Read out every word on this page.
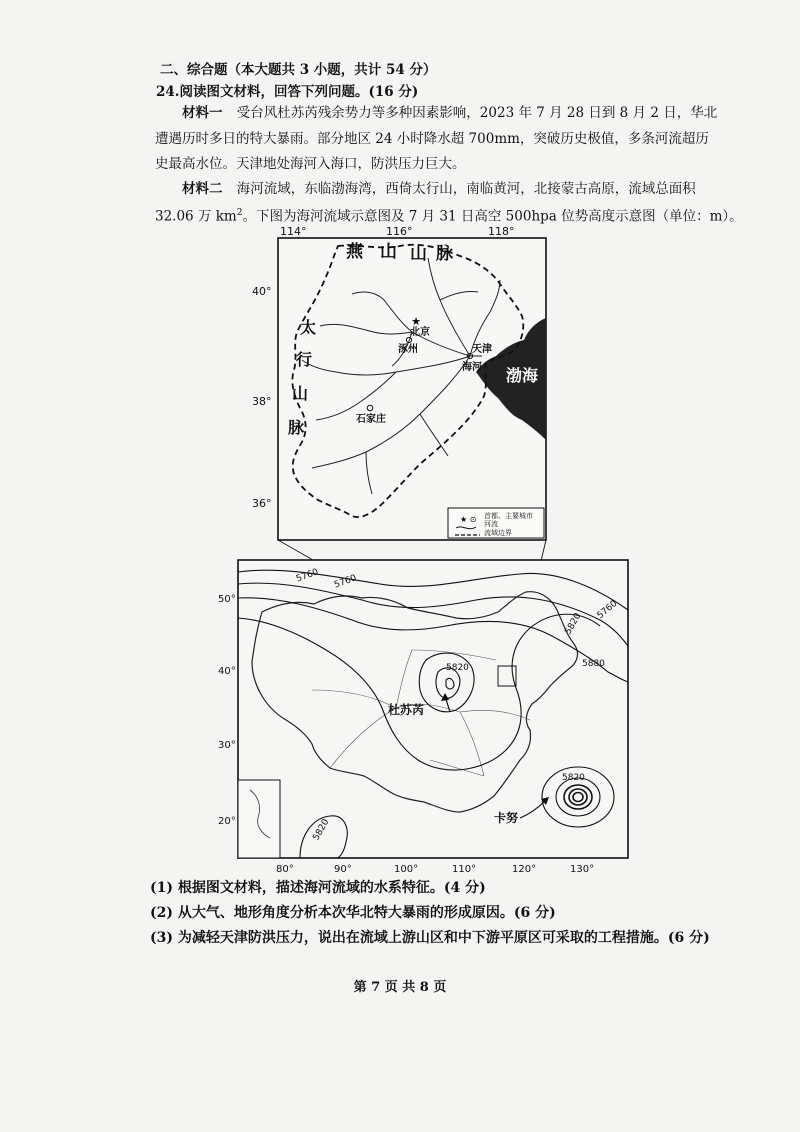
二、综合题（本大题共 3 小题，共计 54 分）
24.阅读图文材料，回答下列问题。(16 分)
材料一 受台风杜苏芮残余势力等多种因素影响，2023 年 7 月 28 日到 8 月 2 日，华北
遭遇历时多日的特大暴雨。部分地区 24 小时降水超 700mm，突破历史极值，多条河流超历
史最高水位。天津地处海河入海口，防洪压力巨大。
材料二 海河流域，东临渤海湾，西倚太行山，南临黄河，北接蒙古高原，流域总面积
32.06 万 $km^2$。下图为海河流域示意图及 7 月 31 日高空 500hpa 位势高度示意图（单位：m）。
★
★ ⊙
114°	116°	118°
40°
38°
36°
燕 山 山 脉
太
行
山
脉
北京
涿州	天津
海河
石家庄
渤海
首都、主要城市
河流
流域边界
50°
40°
30°
20°
80°	90°	100°	110°	120°	130°
5760 5760
5820
5760
5880
5820
5820
5820
杜苏芮
卡努
(1) 根据图文材料，描述海河流域的水系特征。(4 分)
(2) 从大气、地形角度分析本次华北特大暴雨的形成原因。(6 分)
(3) 为减轻天津防洪压力，说出在流域上游山区和中下游平原区可采取的工程措施。(6 分)
第 7 页 共 8 页
